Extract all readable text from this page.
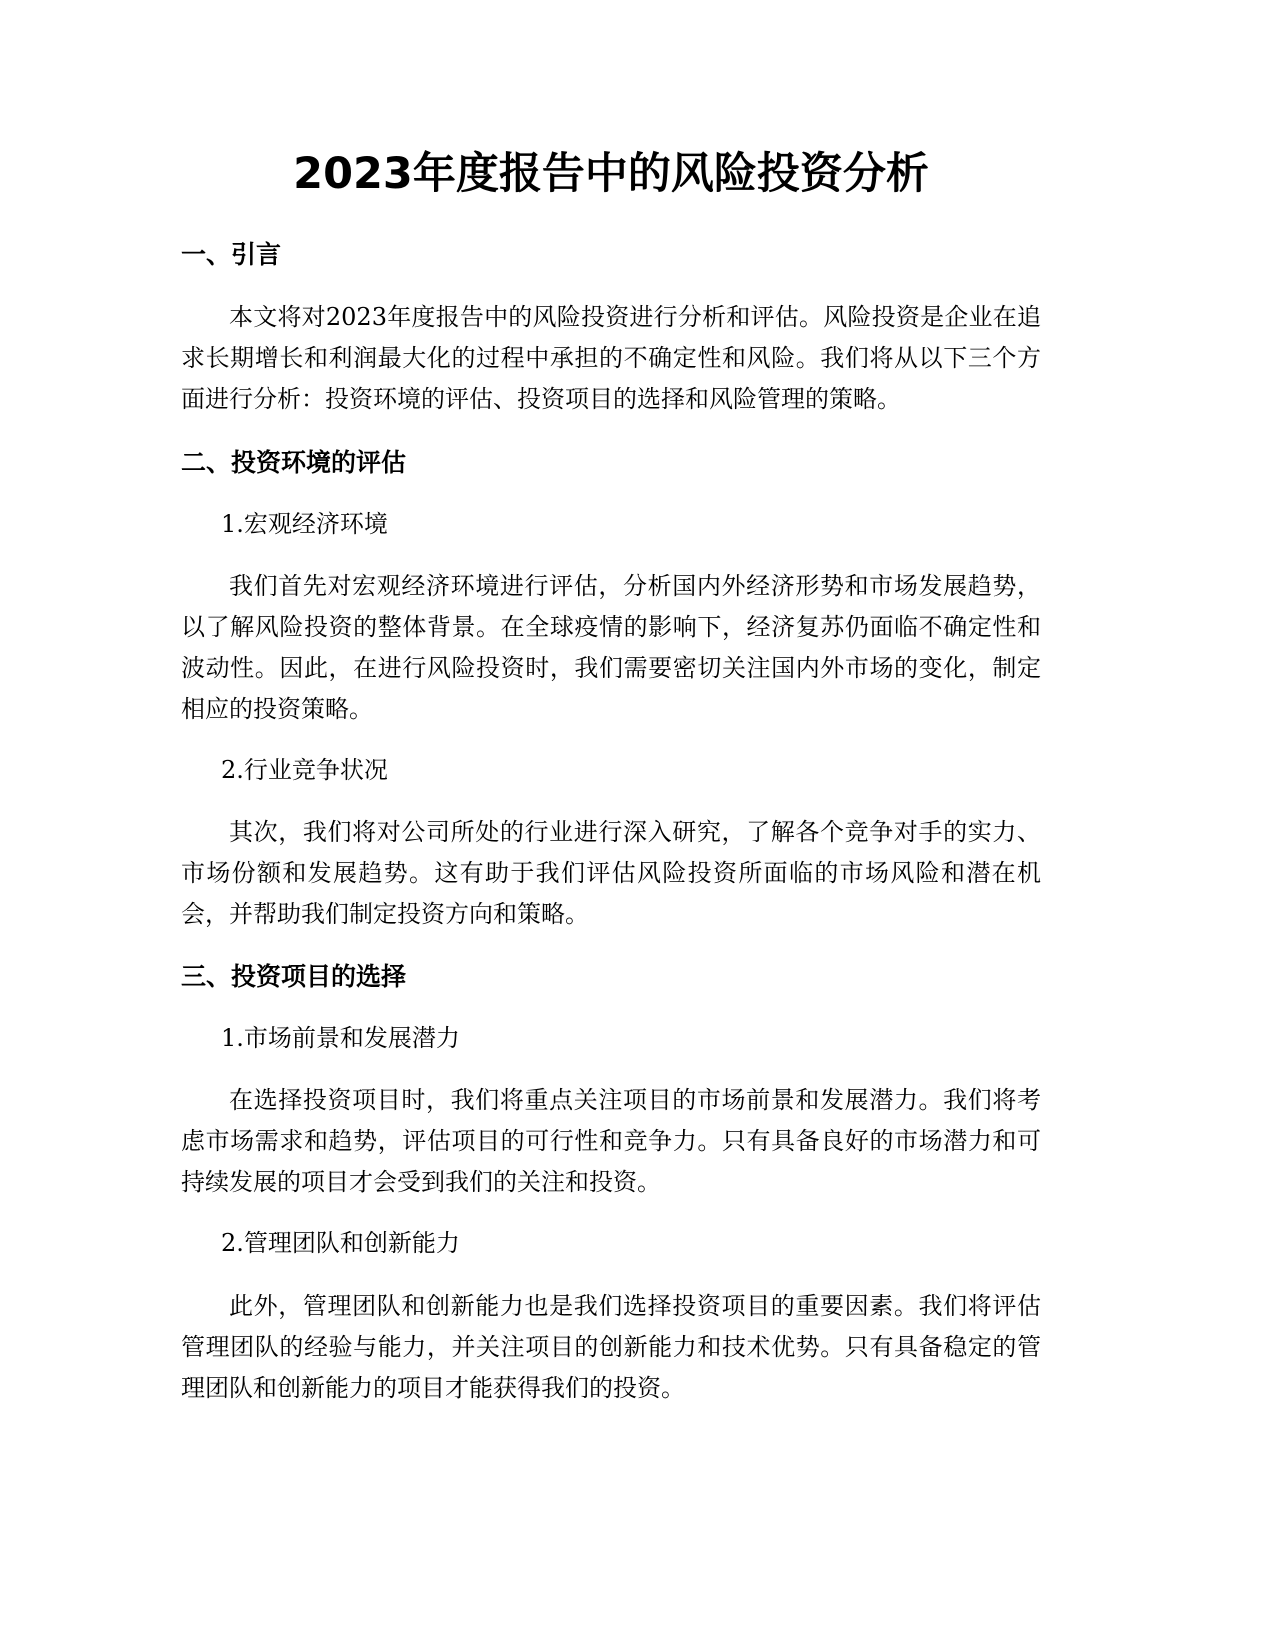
2023年度报告中的风险投资分析
一、引言

本文将对2023年度报告中的风险投资进行分析和评估。风险投资是企业在追求长期增长和利润最大化的过程中承担的不确定性和风险。我们将从以下三个方面进行分析：投资环境的评估、投资项目的选择和风险管理的策略。

二、投资环境的评估

1.宏观经济环境

我们首先对宏观经济环境进行评估，分析国内外经济形势和市场发展趋势，以了解风险投资的整体背景。在全球疫情的影响下，经济复苏仍面临不确定性和波动性。因此，在进行风险投资时，我们需要密切关注国内外市场的变化，制定相应的投资策略。

2.行业竞争状况

其次，我们将对公司所处的行业进行深入研究，了解各个竞争对手的实力、市场份额和发展趋势。这有助于我们评估风险投资所面临的市场风险和潜在机会，并帮助我们制定投资方向和策略。

三、投资项目的选择

1.市场前景和发展潜力

在选择投资项目时，我们将重点关注项目的市场前景和发展潜力。我们将考虑市场需求和趋势，评估项目的可行性和竞争力。只有具备良好的市场潜力和可持续发展的项目才会受到我们的关注和投资。

2.管理团队和创新能力

此外，管理团队和创新能力也是我们选择投资项目的重要因素。我们将评估管理团队的经验与能力，并关注项目的创新能力和技术优势。只有具备稳定的管理团队和创新能力的项目才能获得我们的投资。
